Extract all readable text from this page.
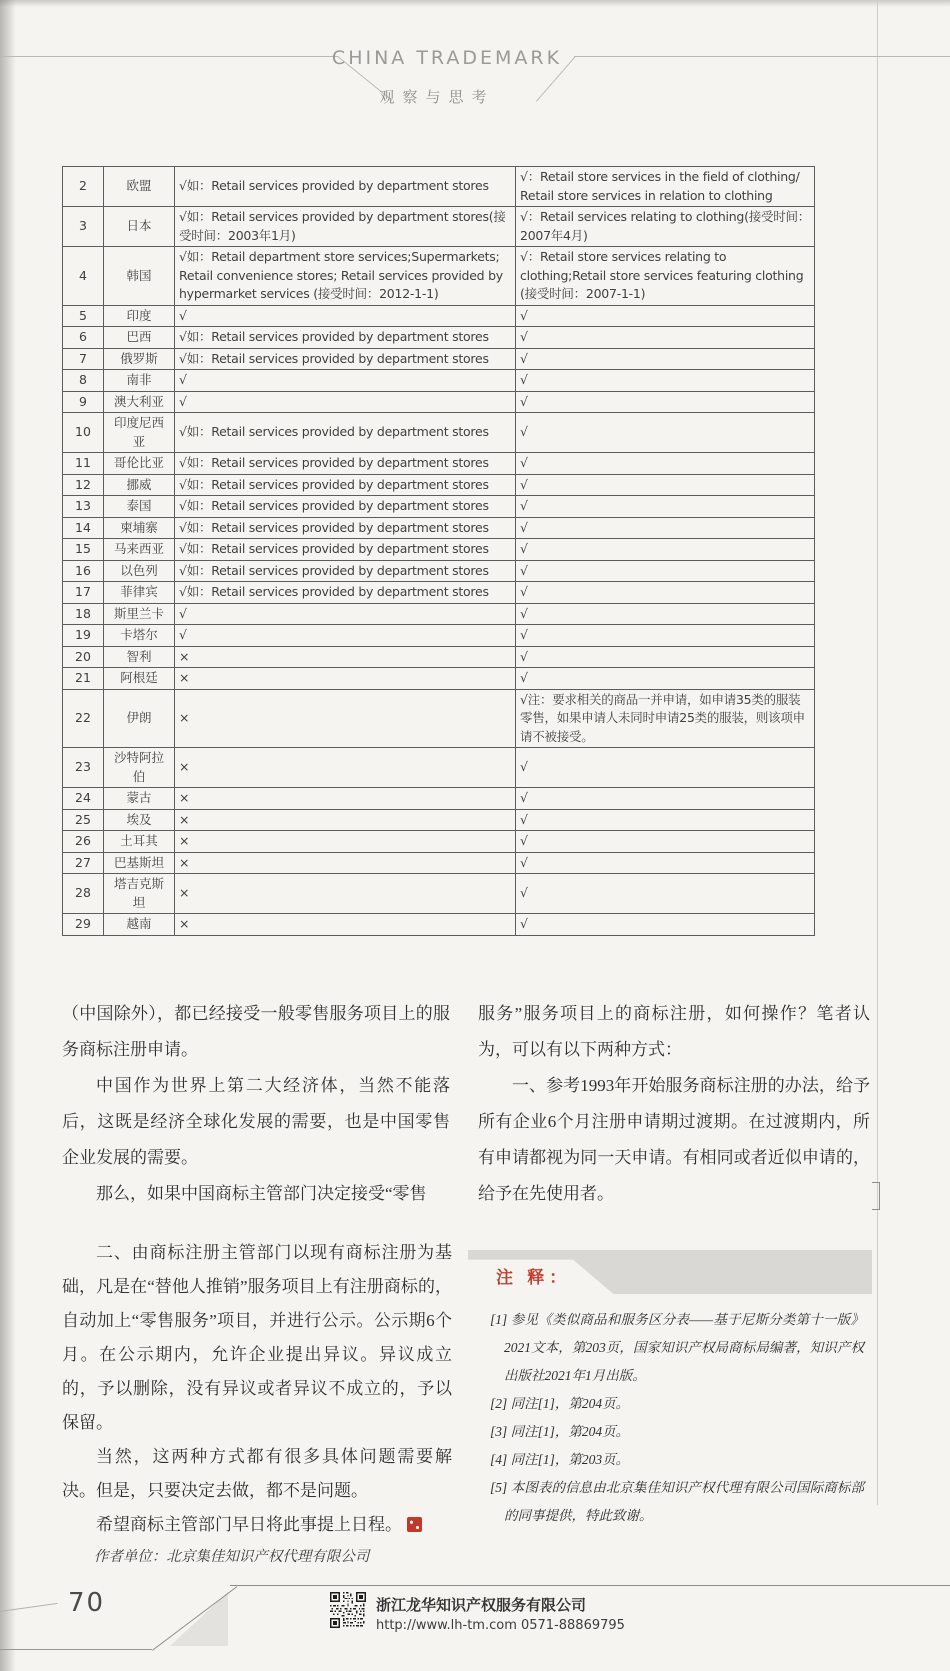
CHINA TRADEMARK
观察与思考
2	欧盟	√如：Retail services provided by department stores	√：Retail store services in the field of clothing/ Retail store services in relation to clothing
3	日本	√如：Retail services provided by department stores(接受时间：2003年1月)	√：Retail services relating to clothing(接受时间：2007年4月)
4	韩国	√如：Retail department store services;Supermarkets; Retail convenience stores; Retail services provided by hypermarket services (接受时间：2012-1-1)	√：Retail store services relating to clothing;Retail store services featuring clothing (接受时间：2007-1-1)
5	印度	√	√
6	巴西	√如：Retail services provided by department stores	√
7	俄罗斯	√如：Retail services provided by department stores	√
8	南非	√	√
9	澳大利亚	√	√
10	印度尼西亚	√如：Retail services provided by department stores	√
11	哥伦比亚	√如：Retail services provided by department stores	√
12	挪威	√如：Retail services provided by department stores	√
13	泰国	√如：Retail services provided by department stores	√
14	柬埔寨	√如：Retail services provided by department stores	√
15	马来西亚	√如：Retail services provided by department stores	√
16	以色列	√如：Retail services provided by department stores	√
17	菲律宾	√如：Retail services provided by department stores	√
18	斯里兰卡	√	√
19	卡塔尔	√	√
20	智利	×	√
21	阿根廷	×	√
22	伊朗	×	√注：要求相关的商品一并申请，如申请35类的服装零售，如果申请人未同时申请25类的服装，则该项申请不被接受。
23	沙特阿拉伯	×	√
24	蒙古	×	√
25	埃及	×	√
26	土耳其	×	√
27	巴基斯坦	×	√
28	塔吉克斯坦	×	√
29	越南	×	√

（中国除外），都已经接受一般零售服务项目上的服务商标注册申请。

中国作为世界上第二大经济体，当然不能落后，这既是经济全球化发展的需要，也是中国零售企业发展的需要。

那么，如果中国商标主管部门决定接受“零售

服务”服务项目上的商标注册，如何操作？笔者认为，可以有以下两种方式：

一、参考1993年开始服务商标注册的办法，给予所有企业6个月注册申请期过渡期。在过渡期内，所有申请都视为同一天申请。有相同或者近似申请的，给予在先使用者。

二、由商标注册主管部门以现有商标注册为基础，凡是在“替他人推销”服务项目上有注册商标的，自动加上“零售服务”项目，并进行公示。公示期6个月。在公示期内，允许企业提出异议。异议成立的，予以删除，没有异议或者异议不成立的，予以保留。

当然，这两种方式都有很多具体问题需要解决。但是，只要决定去做，都不是问题。

希望商标主管部门早日将此事提上日程。

作者单位：北京集佳知识产权代理有限公司

注 释：

[1] 参见《类似商品和服务区分表——基于尼斯分类第十一版》2021文本，第203页，国家知识产权局商标局编著，知识产权出版社2021年1月出版。

[2] 同注[1]，第204页。

[3] 同注[1]，第204页。

[4] 同注[1]，第203页。

[5] 本图表的信息由北京集佳知识产权代理有限公司国际商标部的同事提供，特此致谢。

70	浙江龙华知识产权服务有限公司
http://www.lh-tm.com 0571-88869795
